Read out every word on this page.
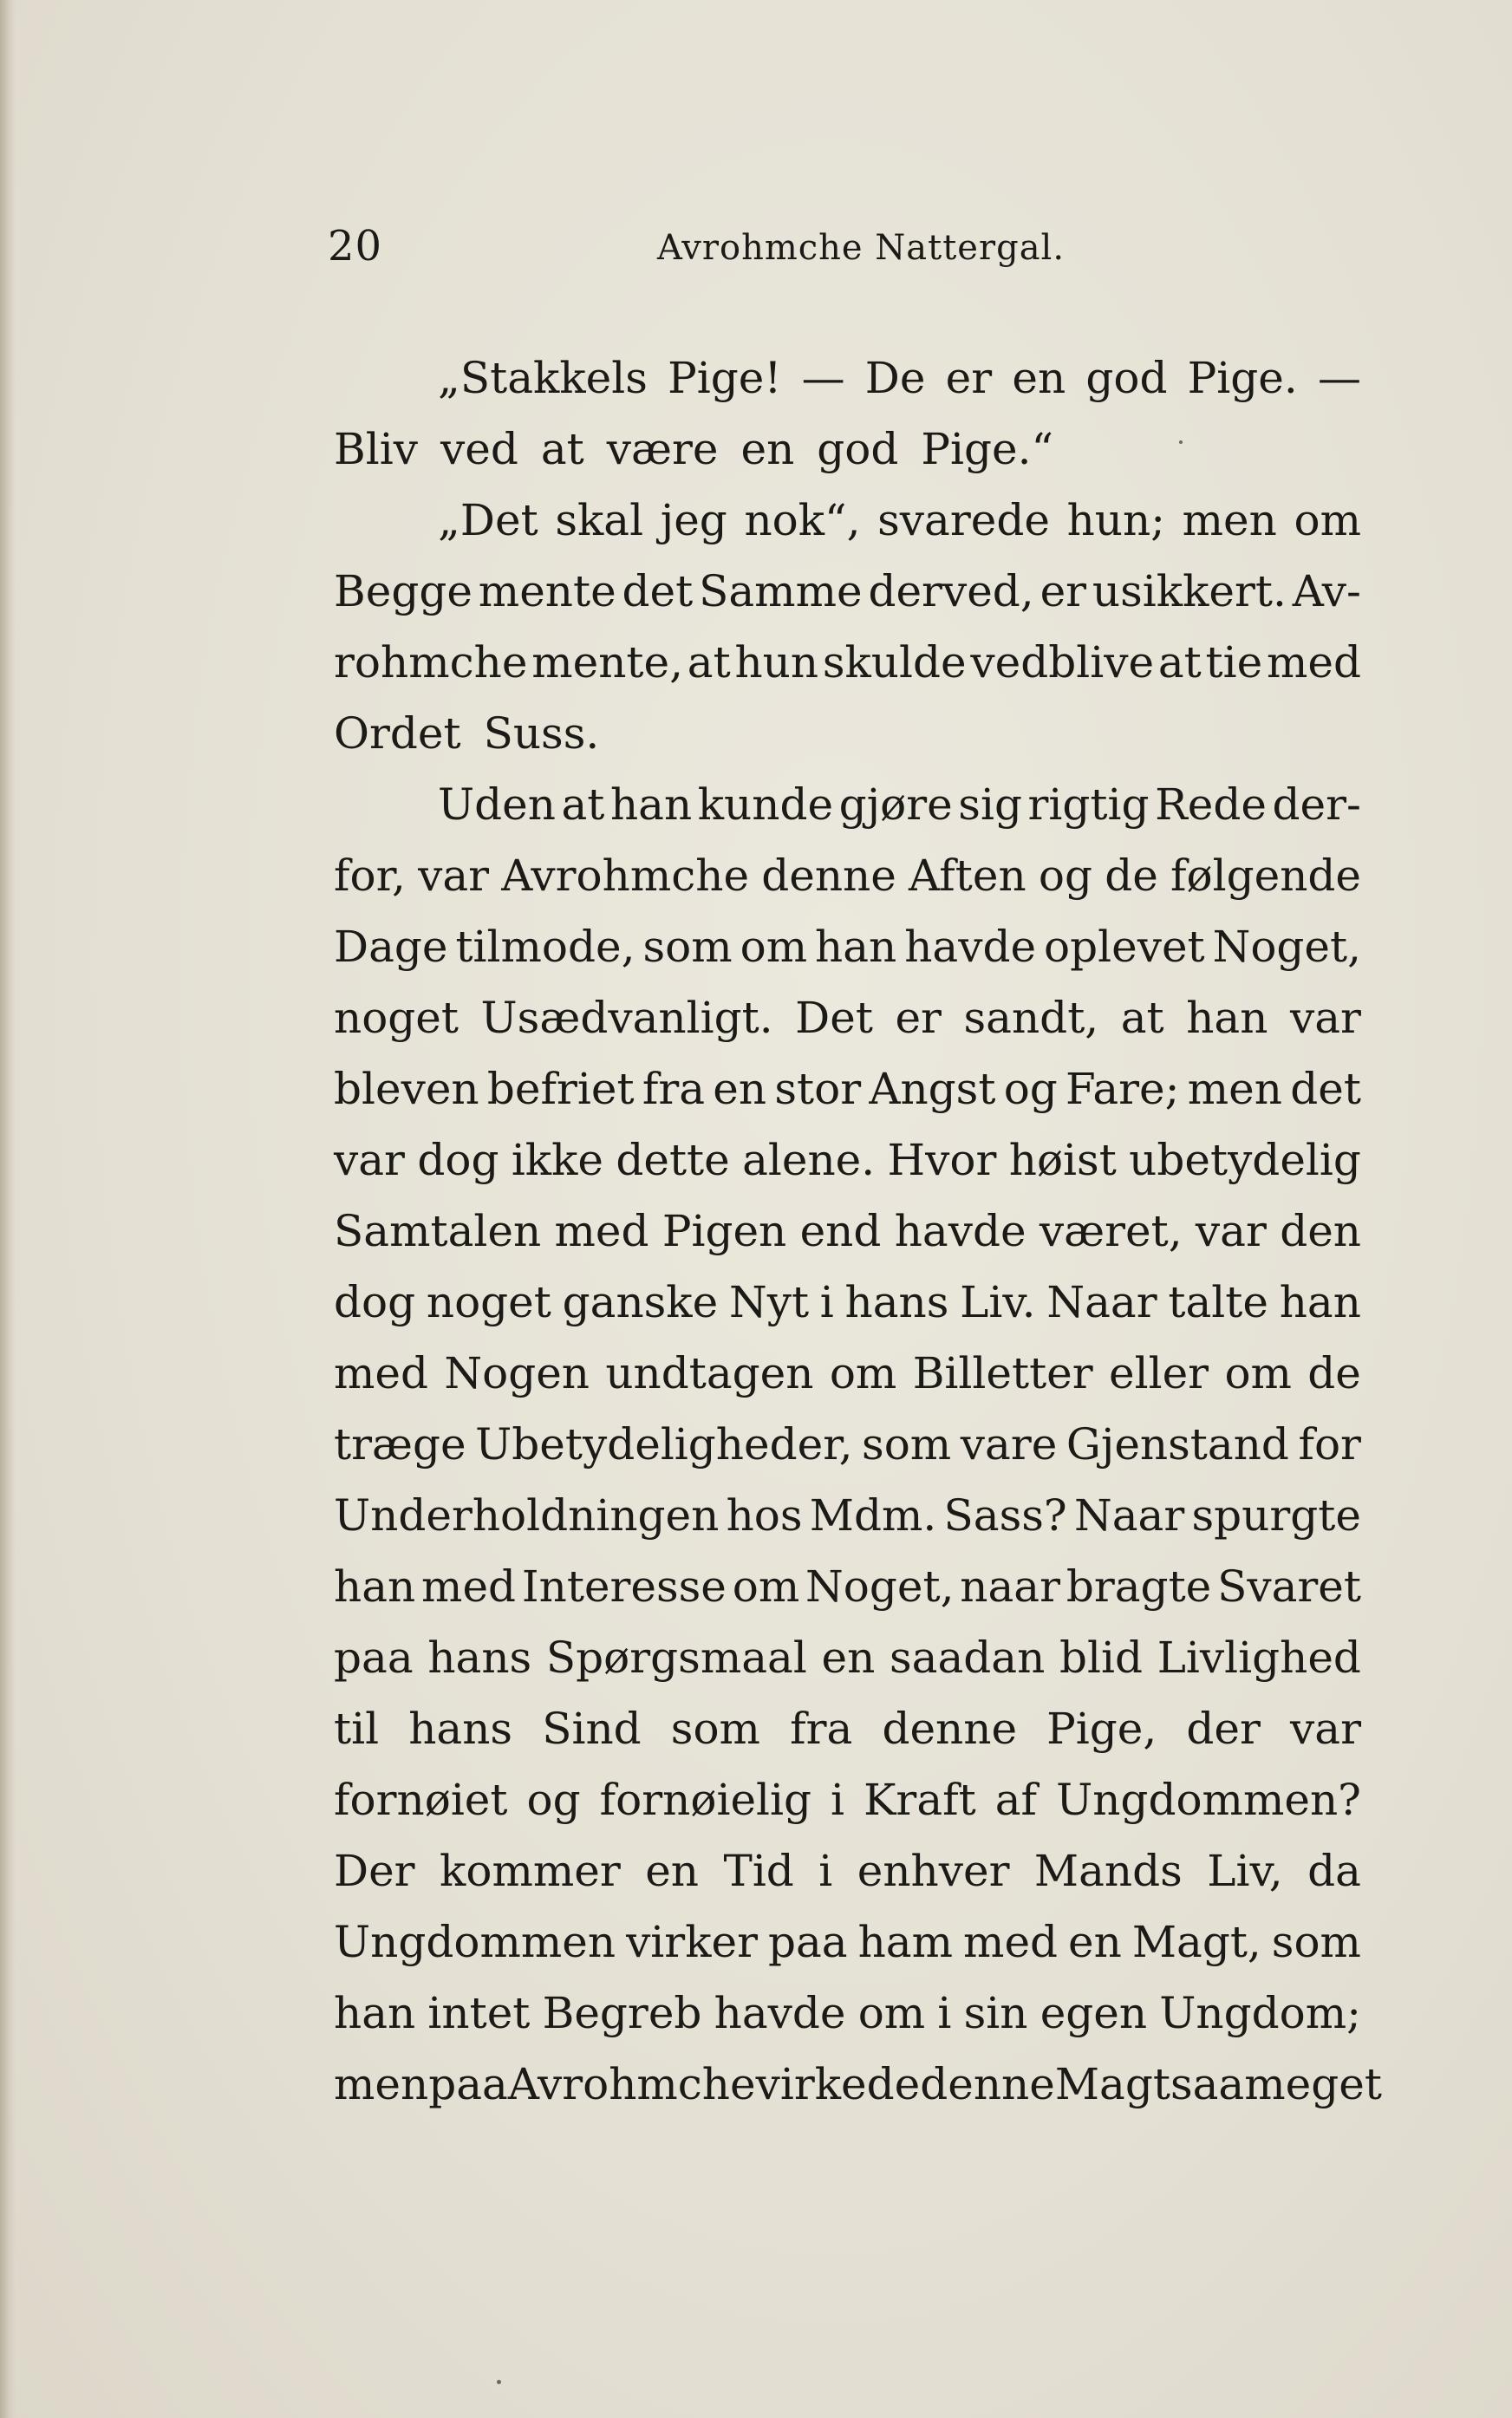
20	Avrohmche Nattergal.
„Stakkels Pige! — De er en god Pige. —
Bliv ved at være en god Pige.“
„Det skal jeg nok“, svarede hun; men om
Begge mente det Samme derved, er usikkert. Av-
rohmche mente, at hun skulde vedblive at tie med
Ordet Suss.
Uden at han kunde gjøre sig rigtig Rede der-
for, var Avrohmche denne Aften og de følgende
Dage tilmode, som om han havde oplevet Noget,
noget Usædvanligt. Det er sandt, at han var
bleven befriet fra en stor Angst og Fare; men det
var dog ikke dette alene. Hvor høist ubetydelig
Samtalen med Pigen end havde været, var den
dog noget ganske Nyt i hans Liv. Naar talte han
med Nogen undtagen om Billetter eller om de
træge Ubetydeligheder, som vare Gjenstand for
Underholdningen hos Mdm. Sass? Naar spurgte
han med Interesse om Noget, naar bragte Svaret
paa hans Spørgsmaal en saadan blid Livlighed
til hans Sind som fra denne Pige, der var
fornøiet og fornøielig i Kraft af Ungdommen?
Der kommer en Tid i enhver Mands Liv, da
Ungdommen virker paa ham med en Magt, som
han intet Begreb havde om i sin egen Ungdom;
men paa Avrohmche virkede denne Magt saa meget
